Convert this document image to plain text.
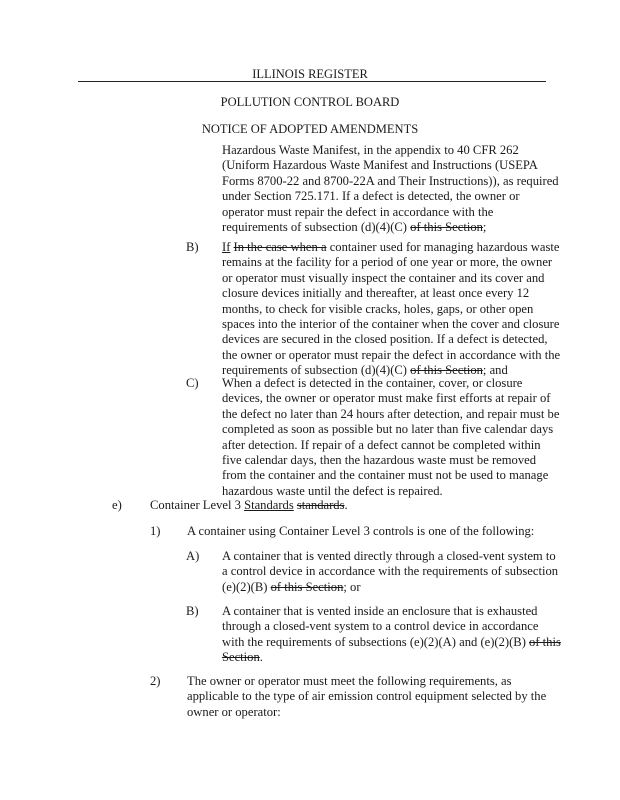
ILLINOIS REGISTER
POLLUTION CONTROL BOARD
NOTICE OF ADOPTED AMENDMENTS
Hazardous Waste Manifest, in the appendix to 40 CFR 262
(Uniform Hazardous Waste Manifest and Instructions (USEPA
Forms 8700-22 and 8700-22A and Their Instructions)), as required
under Section 725.171. If a defect is detected, the owner or
operator must repair the defect in accordance with the
requirements of subsection (d)(4)(C) of this Section;
B) If In the case when a container used for managing hazardous waste
remains at the facility for a period of one year or more, the owner
or operator must visually inspect the container and its cover and
closure devices initially and thereafter, at least once every 12
months, to check for visible cracks, holes, gaps, or other open
spaces into the interior of the container when the cover and closure
devices are secured in the closed position. If a defect is detected,
the owner or operator must repair the defect in accordance with the
requirements of subsection (d)(4)(C) of this Section; and
C) When a defect is detected in the container, cover, or closure
devices, the owner or operator must make first efforts at repair of
the defect no later than 24 hours after detection, and repair must be
completed as soon as possible but no later than five calendar days
after detection. If repair of a defect cannot be completed within
five calendar days, then the hazardous waste must be removed
from the container and the container must not be used to manage
hazardous waste until the defect is repaired.
e) Container Level 3 Standards standards.
1) A container using Container Level 3 controls is one of the following:
A) A container that is vented directly through a closed-vent system to
a control device in accordance with the requirements of subsection
(e)(2)(B) of this Section; or
B) A container that is vented inside an enclosure that is exhausted
through a closed-vent system to a control device in accordance
with the requirements of subsections (e)(2)(A) and (e)(2)(B) of this
Section.
2) The owner or operator must meet the following requirements, as
applicable to the type of air emission control equipment selected by the
owner or operator:
